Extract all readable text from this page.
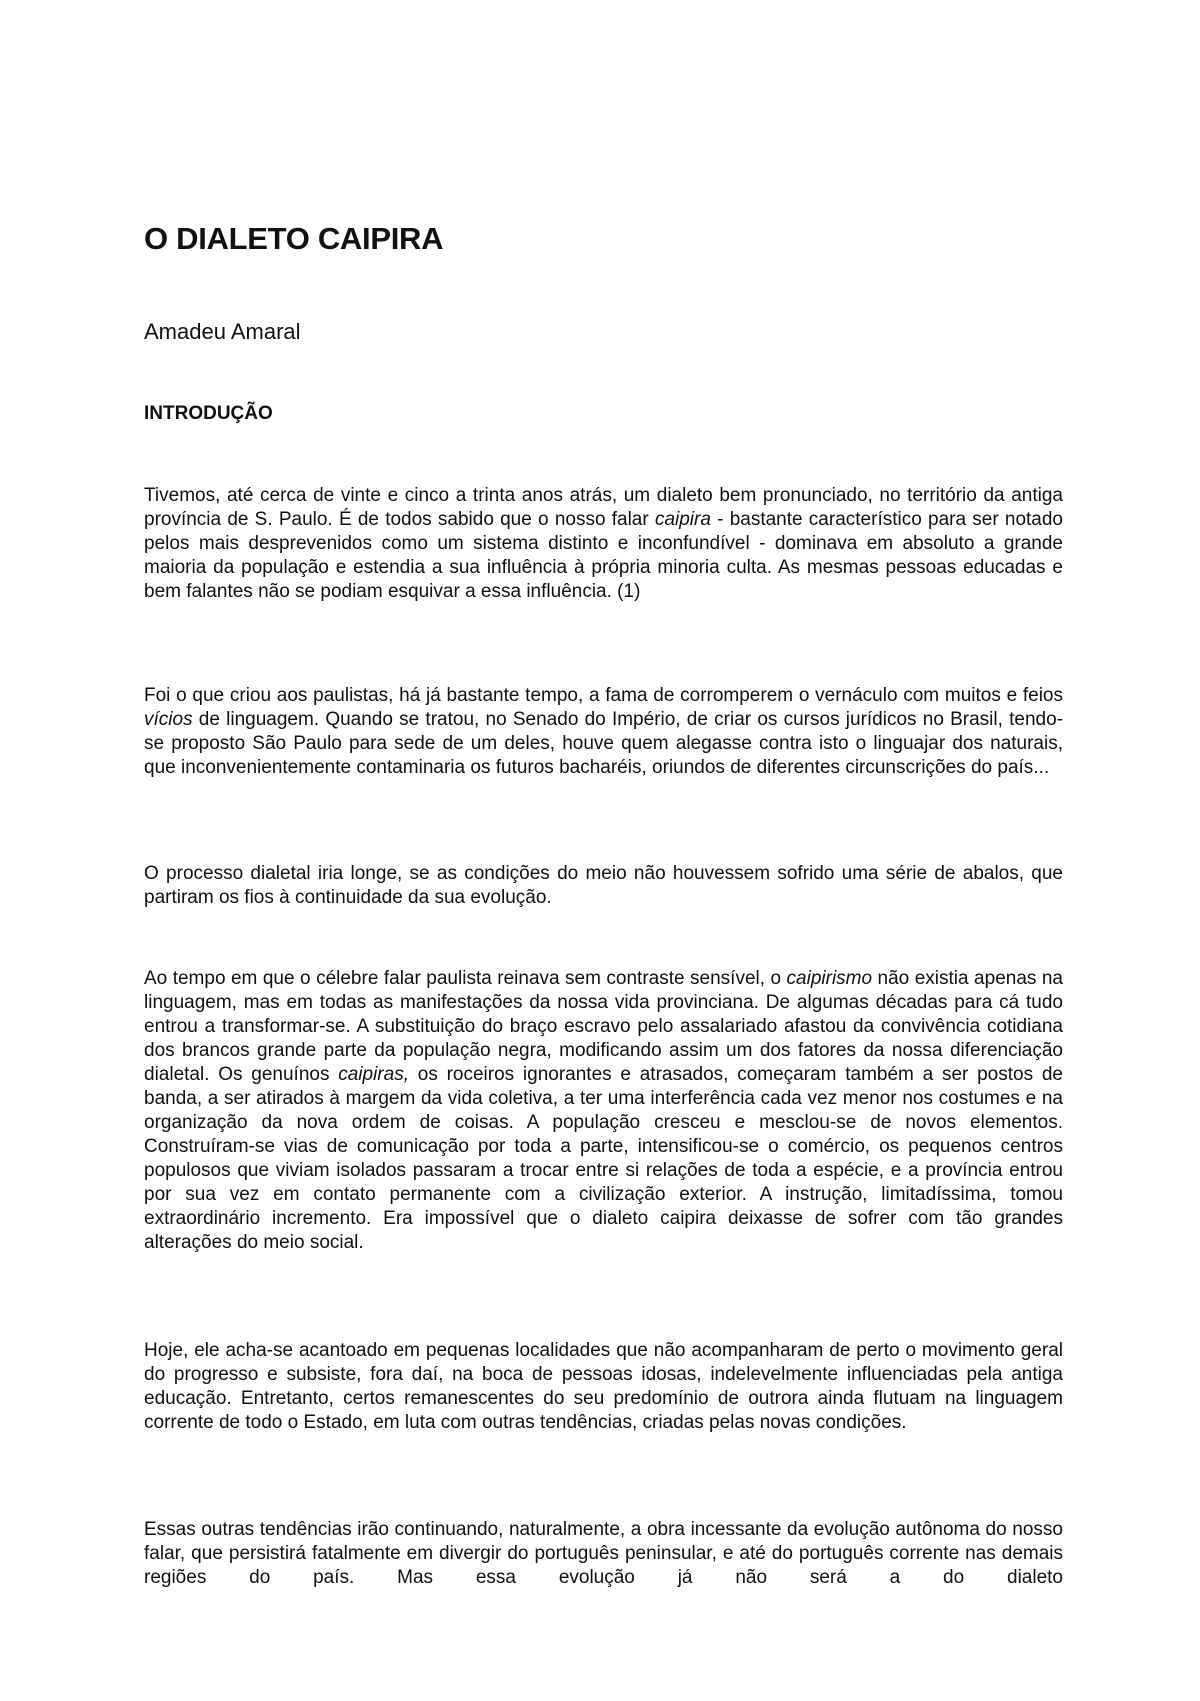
O DIALETO CAIPIRA
Amadeu Amaral
INTRODUÇÃO

Tivemos, até cerca de vinte e cinco a trinta anos atrás, um dialeto bem pronunciado, no território da antiga província de S. Paulo. É de todos sabido que o nosso falar caipira - bastante característico para ser notado pelos mais desprevenidos como um sistema distinto e inconfundível - dominava em absoluto a grande maioria da população e estendia a sua influência à própria minoria culta. As mesmas pessoas educadas e bem falantes não se podiam esquivar a essa influência. (1)

Foi o que criou aos paulistas, há já bastante tempo, a fama de corromperem o vernáculo com muitos e feios vícios de linguagem. Quando se tratou, no Senado do Império, de criar os cursos jurídicos no Brasil, tendo-se proposto São Paulo para sede de um deles, houve quem alegasse contra isto o linguajar dos naturais, que inconvenientemente contaminaria os futuros bacharéis, oriundos de diferentes circunscrições do país...

O processo dialetal iria longe, se as condições do meio não houvessem sofrido uma série de abalos, que partiram os fios à continuidade da sua evolução.

Ao tempo em que o célebre falar paulista reinava sem contraste sensível, o caipirismo não existia apenas na linguagem, mas em todas as manifestações da nossa vida provinciana. De algumas décadas para cá tudo entrou a transformar-se. A substituição do braço escravo pelo assalariado afastou da convivência cotidiana dos brancos grande parte da população negra, modificando assim um dos fatores da nossa diferenciação dialetal. Os genuínos caipiras, os roceiros ignorantes e atrasados, começaram também a ser postos de banda, a ser atirados à margem da vida coletiva, a ter uma interferência cada vez menor nos costumes e na organização da nova ordem de coisas. A população cresceu e mesclou-se de novos elementos. Construíram-se vias de comunicação por toda a parte, intensificou-se o comércio, os pequenos centros populosos que viviam isolados passaram a trocar entre si relações de toda a espécie, e a província entrou por sua vez em contato permanente com a civilização exterior. A instrução, limitadíssima, tomou extraordinário incremento. Era impossível que o dialeto caipira deixasse de sofrer com tão grandes alterações do meio social.

Hoje, ele acha-se acantoado em pequenas localidades que não acompanharam de perto o movimento geral do progresso e subsiste, fora daí, na boca de pessoas idosas, indelevelmente influenciadas pela antiga educação. Entretanto, certos remanescentes do seu predomínio de outrora ainda flutuam na linguagem corrente de todo o Estado, em luta com outras tendências, criadas pelas novas condições.

Essas outras tendências irão continuando, naturalmente, a obra incessante da evolução autônoma do nosso falar, que persistirá fatalmente em divergir do português peninsular, e até do português corrente nas demais regiões do país. Mas essa evolução já não será a do dialeto
